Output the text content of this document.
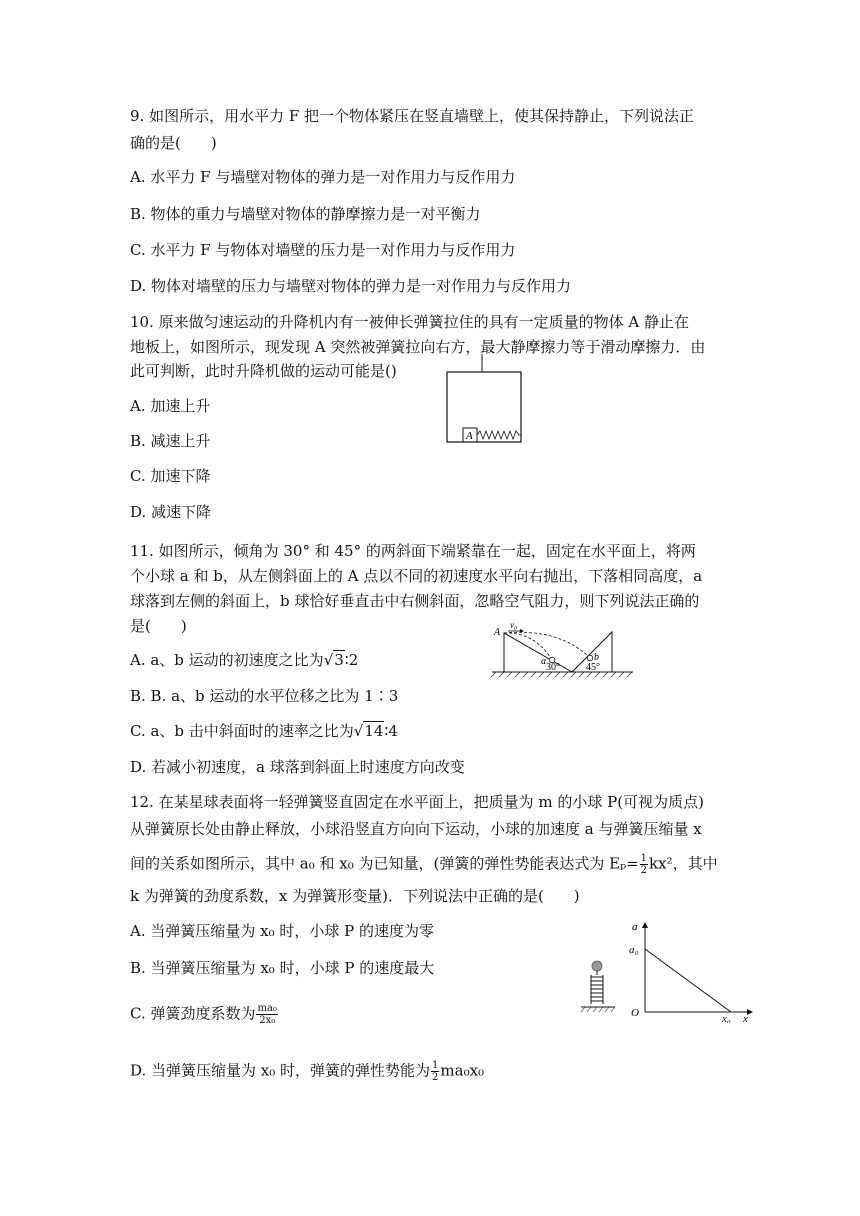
9. 如图所示，用水平力 F 把一个物体紧压在竖直墙壁上，使其保持静止，下列说法正
确的是(　　)
A. 水平力 F 与墙壁对物体的弹力是一对作用力与反作用力
B. 物体的重力与墙壁对物体的静摩擦力是一对平衡力
C. 水平力 F 与物体对墙壁的压力是一对作用力与反作用力
D. 物体对墙壁的压力与墙壁对物体的弹力是一对作用力与反作用力
10. 原来做匀速运动的升降机内有一被伸长弹簧拉住的具有一定质量的物体 A 静止在
地板上，如图所示，现发现 A 突然被弹簧拉向右方，最大静摩擦力等于滑动摩擦力．由
此可判断，此时升降机做的运动可能是()
A. 加速上升
B. 减速上升
C. 加速下降
D. 减速下降
A
11. 如图所示，倾角为 30° 和 45° 的两斜面下端紧靠在一起，固定在水平面上，将两
个小球 a 和 b，从左侧斜面上的 A 点以不同的初速度水平向右抛出，下落相同高度，a
球落到左侧的斜面上，b 球恰好垂直击中右侧斜面，忽略空气阻力，则下列说法正确的
是(　　)
A. a、b 运动的初速度之比为√3∶2
B. B. a、b 运动的水平位移之比为 1∶3
C. a、b 击中斜面时的速率之比为√14∶4
D. 若减小初速度，a 球落到斜面上时速度方向改变
A
v₀
a	b
30°	45°
12. 在某星球表面将一轻弹簧竖直固定在水平面上，把质量为 m 的小球 P(可视为质点)
从弹簧原长处由静止释放，小球沿竖直方向向下运动，小球的加速度 a 与弹簧压缩量 x
间的关系如图所示，其中 a₀ 和 x₀ 为已知量，(弹簧的弹性势能表达式为 $E_p= \frac{1}{2} kx^2$，其中
k 为弹簧的劲度系数，x 为弹簧形变量)．下列说法中正确的是(　　)
A. 当弹簧压缩量为 x₀ 时，小球 P 的速度为零
B. 当弹簧压缩量为 x₀ 时，小球 P 的速度最大
C. 弹簧劲度系数为 $\frac{\text{ma₀}}{\text{2x₀}}$
D. 当弹簧压缩量为 x₀ 时，弹簧的弹性势能为 $\frac{1}{2} ma_0x_0$
a
a₀
O	x₀ x
